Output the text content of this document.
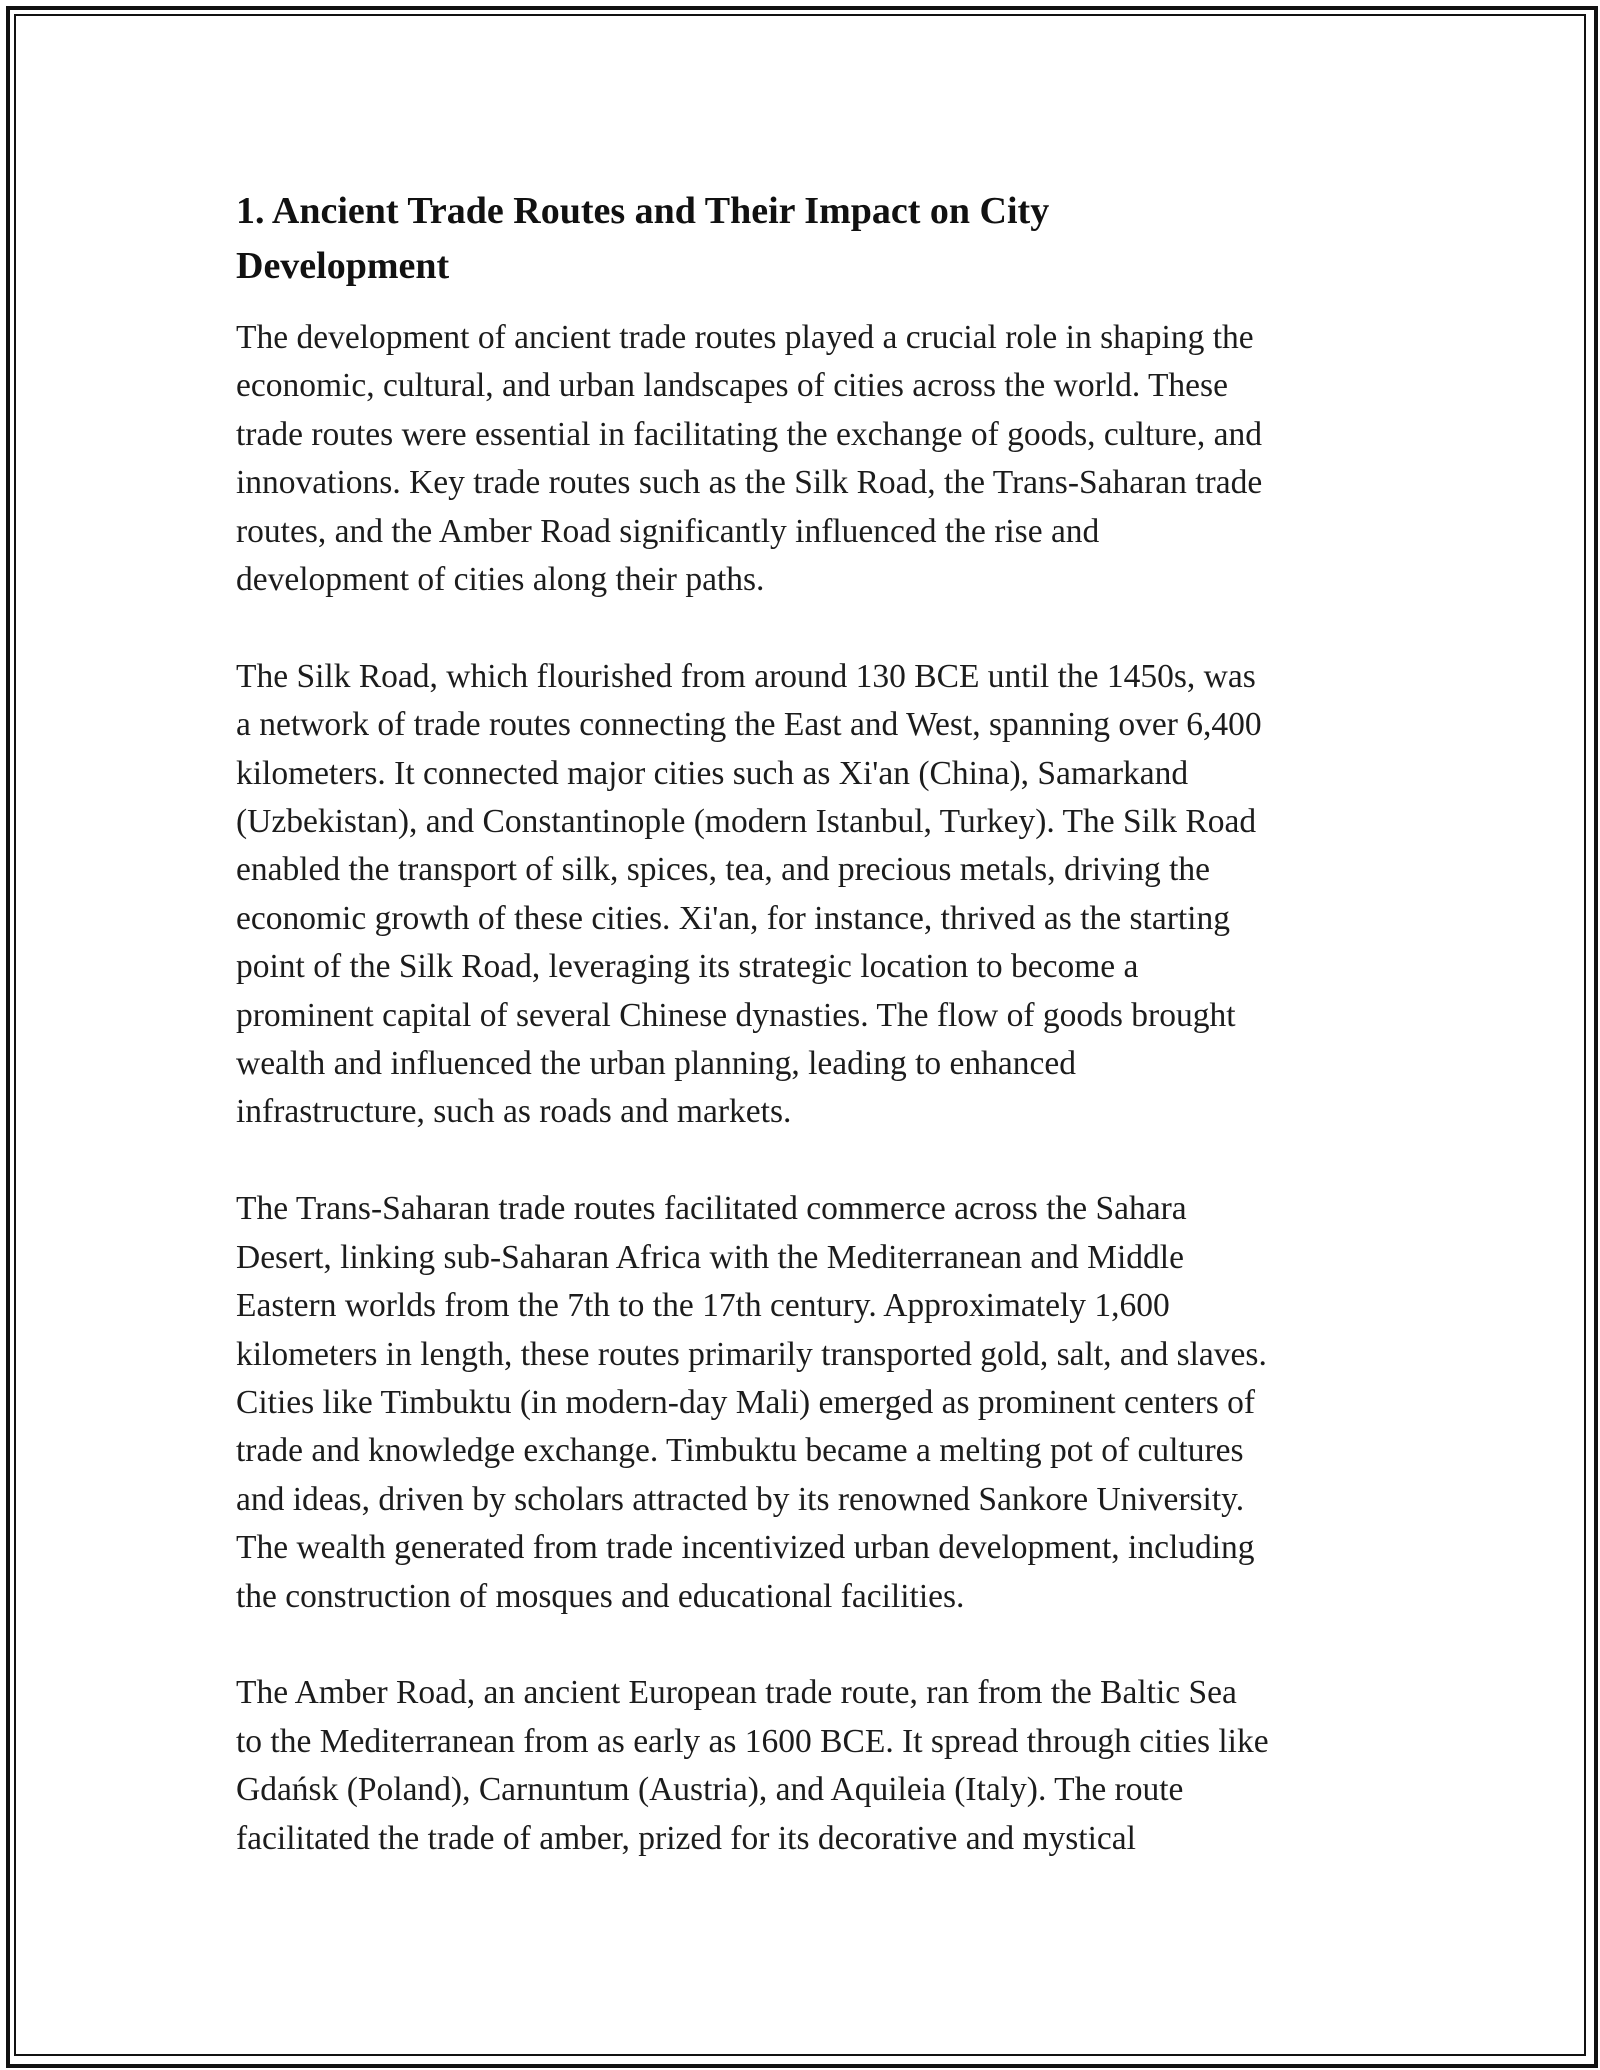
1. Ancient Trade Routes and Their Impact on City
Development

The development of ancient trade routes played a crucial role in shaping the
economic, cultural, and urban landscapes of cities across the world. These
trade routes were essential in facilitating the exchange of goods, culture, and
innovations. Key trade routes such as the Silk Road, the Trans-Saharan trade
routes, and the Amber Road significantly influenced the rise and
development of cities along their paths.

The Silk Road, which flourished from around 130 BCE until the 1450s, was
a network of trade routes connecting the East and West, spanning over 6,400
kilometers. It connected major cities such as Xi'an (China), Samarkand
(Uzbekistan), and Constantinople (modern Istanbul, Turkey). The Silk Road
enabled the transport of silk, spices, tea, and precious metals, driving the
economic growth of these cities. Xi'an, for instance, thrived as the starting
point of the Silk Road, leveraging its strategic location to become a
prominent capital of several Chinese dynasties. The flow of goods brought
wealth and influenced the urban planning, leading to enhanced
infrastructure, such as roads and markets.

The Trans-Saharan trade routes facilitated commerce across the Sahara
Desert, linking sub-Saharan Africa with the Mediterranean and Middle
Eastern worlds from the 7th to the 17th century. Approximately 1,600
kilometers in length, these routes primarily transported gold, salt, and slaves.
Cities like Timbuktu (in modern-day Mali) emerged as prominent centers of
trade and knowledge exchange. Timbuktu became a melting pot of cultures
and ideas, driven by scholars attracted by its renowned Sankore University.
The wealth generated from trade incentivized urban development, including
the construction of mosques and educational facilities.

The Amber Road, an ancient European trade route, ran from the Baltic Sea
to the Mediterranean from as early as 1600 BCE. It spread through cities like
Gdańsk (Poland), Carnuntum (Austria), and Aquileia (Italy). The route
facilitated the trade of amber, prized for its decorative and mystical
